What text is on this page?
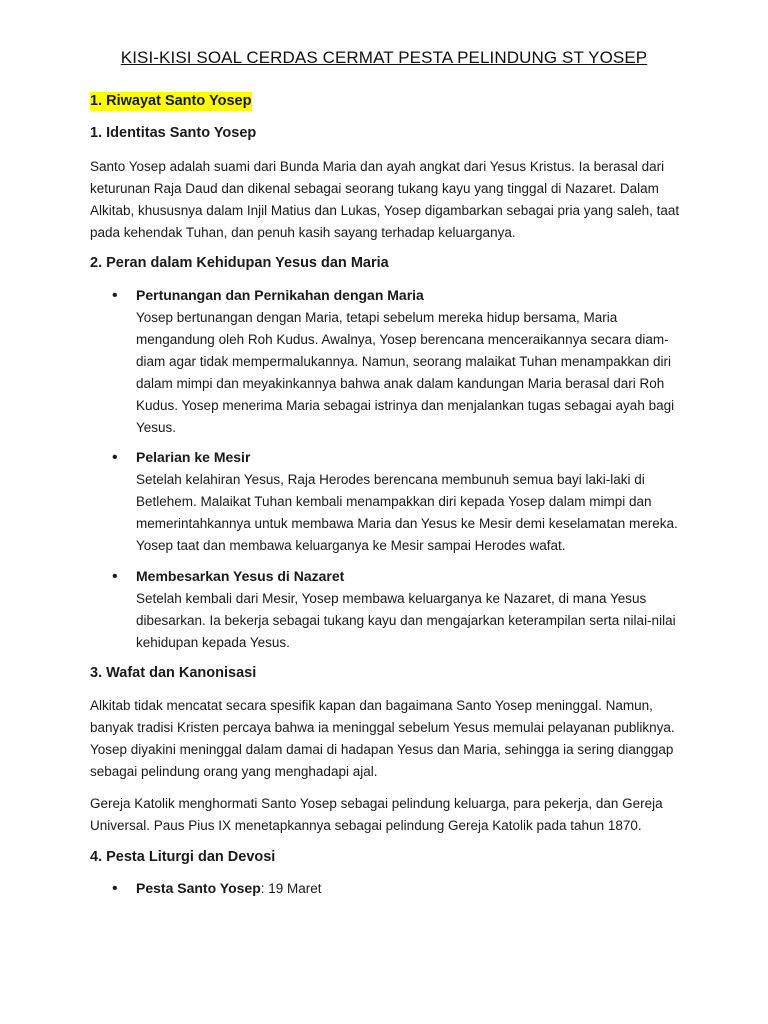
KISI-KISI SOAL CERDAS CERMAT PESTA PELINDUNG ST YOSEP
1. Riwayat Santo Yosep
1. Identitas Santo Yosep

Santo Yosep adalah suami dari Bunda Maria dan ayah angkat dari Yesus Kristus. Ia berasal dari keturunan Raja Daud dan dikenal sebagai seorang tukang kayu yang tinggal di Nazaret. Dalam Alkitab, khususnya dalam Injil Matius dan Lukas, Yosep digambarkan sebagai pria yang saleh, taat pada kehendak Tuhan, dan penuh kasih sayang terhadap keluarganya.

2. Peran dalam Kehidupan Yesus dan Maria
• Pertunangan dan Pernikahan dengan Maria

Yosep bertunangan dengan Maria, tetapi sebelum mereka hidup bersama, Maria mengandung oleh Roh Kudus. Awalnya, Yosep berencana menceraikannya secara diam-diam agar tidak mempermalukannya. Namun, seorang malaikat Tuhan menampakkan diri dalam mimpi dan meyakinkannya bahwa anak dalam kandungan Maria berasal dari Roh Kudus. Yosep menerima Maria sebagai istrinya dan menjalankan tugas sebagai ayah bagi Yesus.

• Pelarian ke Mesir

Setelah kelahiran Yesus, Raja Herodes berencana membunuh semua bayi laki-laki di Betlehem. Malaikat Tuhan kembali menampakkan diri kepada Yosep dalam mimpi dan memerintahkannya untuk membawa Maria dan Yesus ke Mesir demi keselamatan mereka. Yosep taat dan membawa keluarganya ke Mesir sampai Herodes wafat.

• Membesarkan Yesus di Nazaret

Setelah kembali dari Mesir, Yosep membawa keluarganya ke Nazaret, di mana Yesus dibesarkan. Ia bekerja sebagai tukang kayu dan mengajarkan keterampilan serta nilai-nilai kehidupan kepada Yesus.

3. Wafat dan Kanonisasi

Alkitab tidak mencatat secara spesifik kapan dan bagaimana Santo Yosep meninggal. Namun, banyak tradisi Kristen percaya bahwa ia meninggal sebelum Yesus memulai pelayanan publiknya. Yosep diyakini meninggal dalam damai di hadapan Yesus dan Maria, sehingga ia sering dianggap sebagai pelindung orang yang menghadapi ajal.

Gereja Katolik menghormati Santo Yosep sebagai pelindung keluarga, para pekerja, dan Gereja Universal. Paus Pius IX menetapkannya sebagai pelindung Gereja Katolik pada tahun 1870.

4. Pesta Liturgi dan Devosi
• Pesta Santo Yosep: 19 Maret
